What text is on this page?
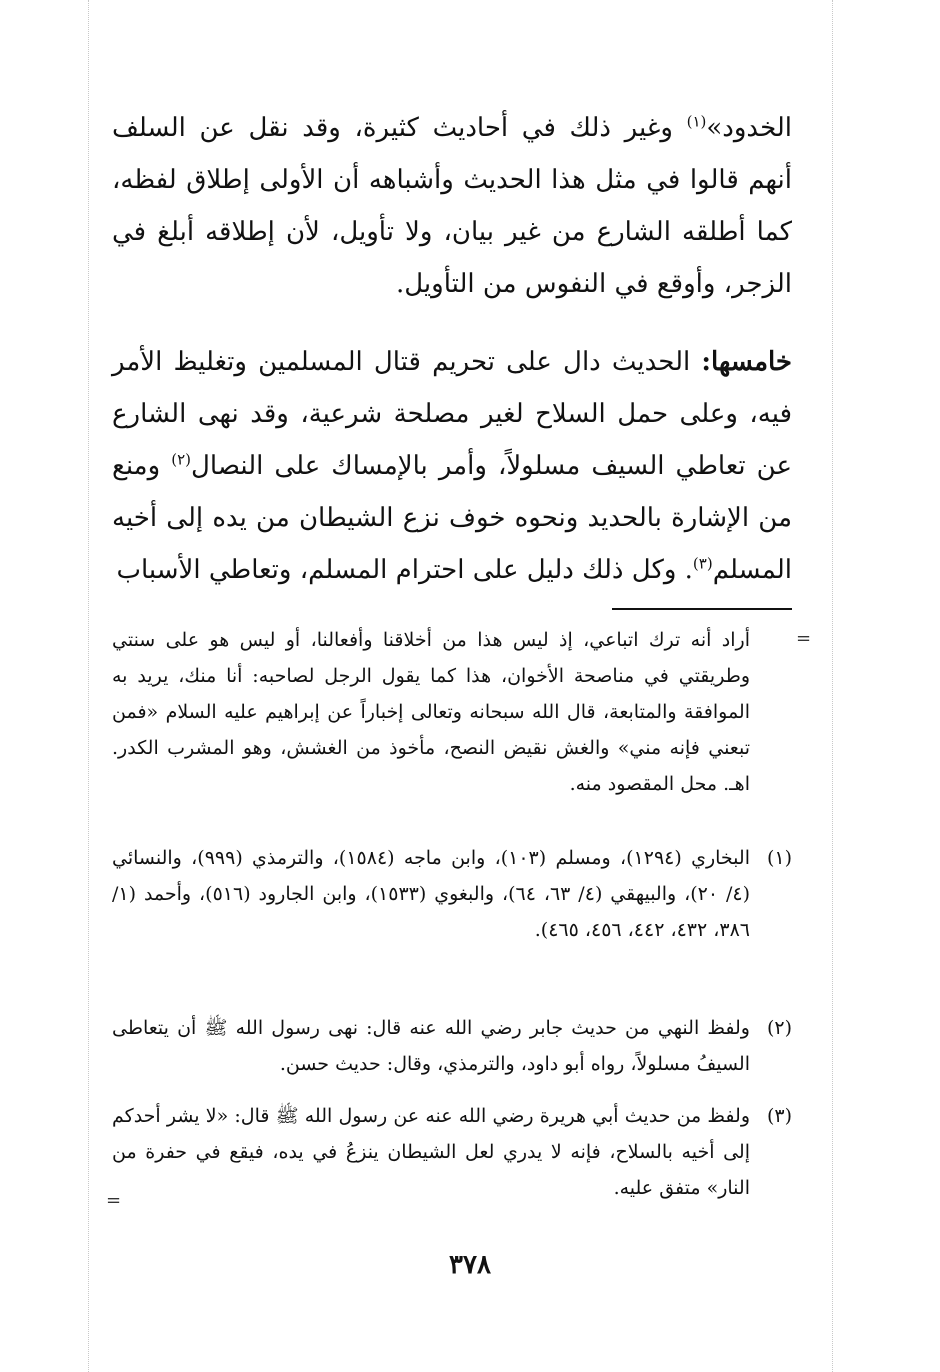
الخدود»$^{(١)}$ وغير ذلك في أحاديث كثيرة، وقد نقل عن السلف أنهم قالوا في مثل هذا الحديث وأشباهه أن الأولى إطلاق لفظه، كما أطلقه الشارع من غير بيان، ولا تأويل، لأن إطلاقه أبلغ في الزجر، وأوقع في النفوس من التأويل.

خامسها: الحديث دال على تحريم قتال المسلمين وتغليظ الأمر فيه، وعلى حمل السلاح لغير مصلحة شرعية، وقد نهى الشارع عن تعاطي السيف مسلولاً، وأمر بالإمساك على النصال$^{(٢)}$ ومنع من الإشارة بالحديد ونحوه خوف نزع الشيطان من يده إلى أخيه المسلم$^{(٣)}$. وكل ذلك دليل على احترام المسلم، وتعاطي الأسباب

=
أراد أنه ترك اتباعي، إذ ليس هذا من أخلاقنا وأفعالنا، أو ليس هو على سنتي وطريقتي في مناصحة الأخوان، هذا كما يقول الرجل لصاحبه: أنا منك، يريد به الموافقة والمتابعة، قال الله سبحانه وتعالى إخباراً عن إبراهيم عليه السلام «فمن تبعني فإنه مني» والغش نقيض النصح، مأخوذ من الغشش، وهو المشرب الكدر. اهـ. محل المقصود منه.
(١)
البخاري (١٢٩٤)، ومسلم (١٠٣)، وابن ماجه (١٥٨٤)، والترمذي (٩٩٩)، والنسائي (٤/ ٢٠)، والبيهقي (٤/ ٦٣، ٦٤)، والبغوي (١٥٣٣)، وابن الجارود (٥١٦)، وأحمد (١/ ٣٨٦، ٤٣٢، ٤٤٢، ٤٥٦، ٤٦٥).
(٢)
ولفظ النهي من حديث جابر رضي الله عنه قال: نهى رسول الله ﷺ أن يتعاطى السيفُ مسلولاً، رواه أبو داود، والترمذي، وقال: حديث حسن.
(٣)
ولفظ من حديث أبي هريرة رضي الله عنه عن رسول الله ﷺ قال: «لا يشر أحدكم إلى أخيه بالسلاح، فإنه لا يدري لعل الشيطان ينزعُ في يده، فيقع في حفرة من النار» متفق عليه.
=
٣٧٨
